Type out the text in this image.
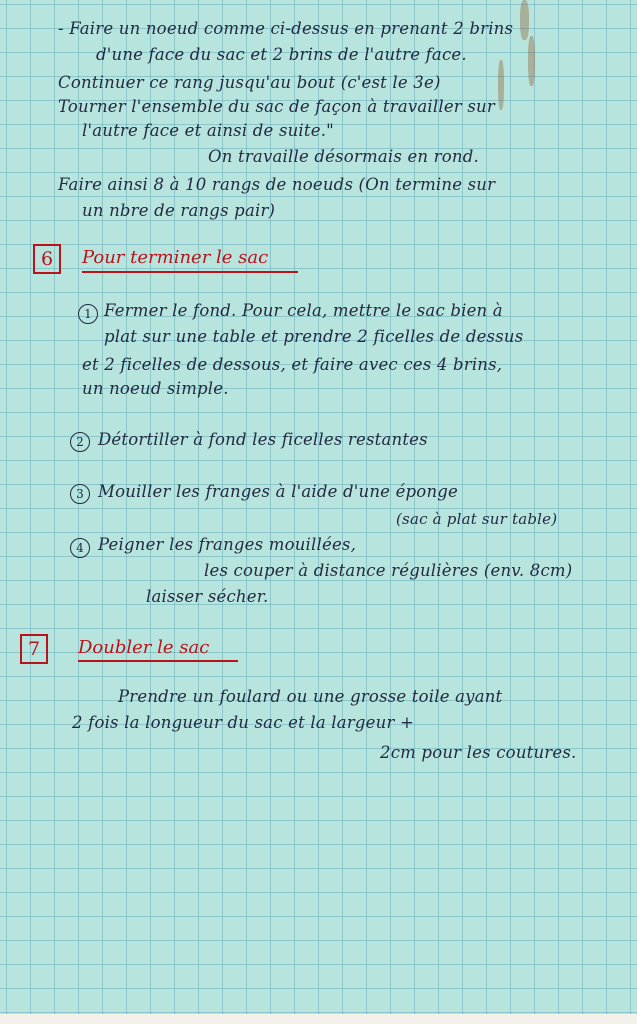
- Faire un noeud comme ci-dessus en prenant 2 brins
d'une face du sac et 2 brins de l'autre face.
Continuer ce rang jusqu'au bout (c'est le 3e)
Tourner l'ensemble du sac de façon à travailler sur
l'autre face et ainsi de suite."
On travaille désormais en rond.
Faire ainsi 8 à 10 rangs de noeuds (On termine sur
un nbre de rangs pair)
6	Pour terminer le sac
1 Fermer le fond. Pour cela, mettre le sac bien à
plat sur une table et prendre 2 ficelles de dessus
et 2 ficelles de dessous, et faire avec ces 4 brins,
un noeud simple.
2 Détortiller à fond les ficelles restantes
3 Mouiller les franges à l'aide d'une éponge
(sac à plat sur table)
4 Peigner les franges mouillées,
les couper à distance régulières (env. 8cm)
laisser sécher.
7	Doubler le sac
Prendre un foulard ou une grosse toile ayant
2 fois la longueur du sac et la largeur +
2cm pour les coutures.
